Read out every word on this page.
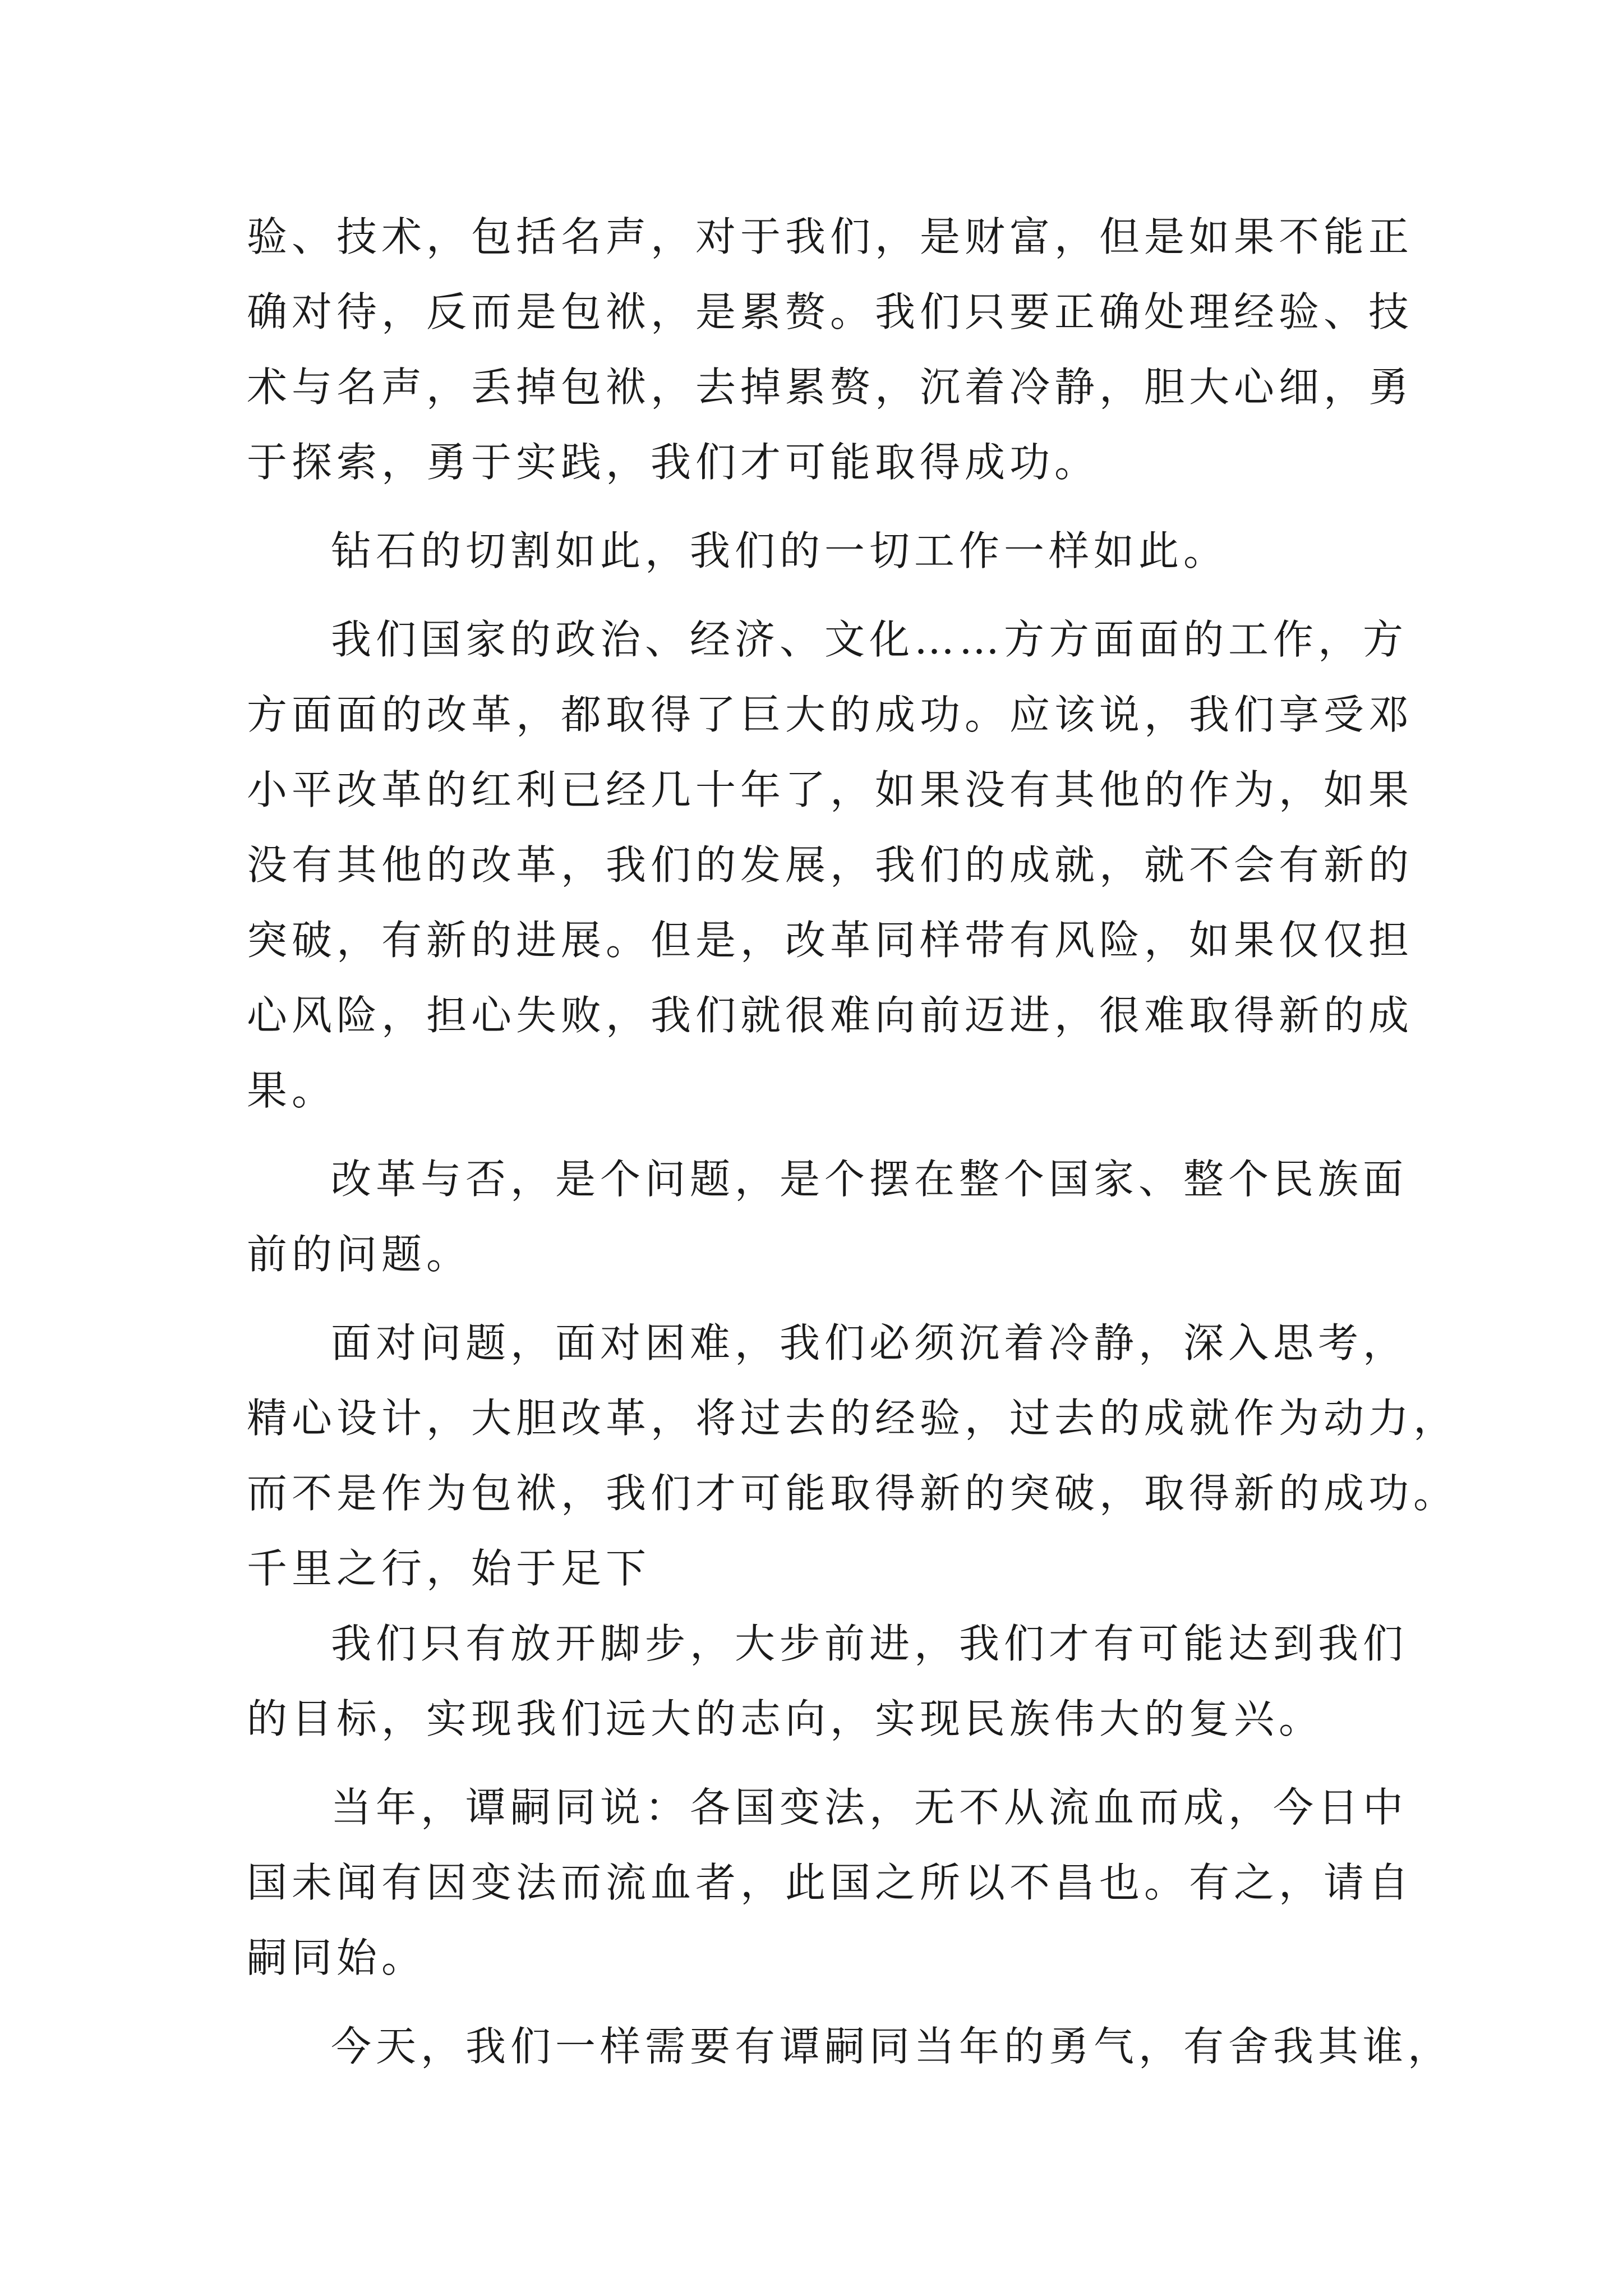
验、技术，包括名声，对于我们，是财富，但是如果不能正
确对待，反而是包袱，是累赘。我们只要正确处理经验、技
术与名声，丢掉包袱，去掉累赘，沉着冷静，胆大心细，勇
于探索，勇于实践，我们才可能取得成功。
钻石的切割如此，我们的一切工作一样如此。
我们国家的政治、经济、文化……方方面面的工作，方
方面面的改革，都取得了巨大的成功。应该说，我们享受邓
小平改革的红利已经几十年了，如果没有其他的作为，如果
没有其他的改革，我们的发展，我们的成就，就不会有新的
突破，有新的进展。但是，改革同样带有风险，如果仅仅担
心风险，担心失败，我们就很难向前迈进，很难取得新的成
果。
改革与否，是个问题，是个摆在整个国家、整个民族面
前的问题。
面对问题，面对困难，我们必须沉着冷静，深入思考，
精心设计，大胆改革，将过去的经验，过去的成就作为动力，
而不是作为包袱，我们才可能取得新的突破，取得新的成功。
千里之行，始于足下
我们只有放开脚步，大步前进，我们才有可能达到我们
的目标，实现我们远大的志向，实现民族伟大的复兴。
当年，谭嗣同说：各国变法，无不从流血而成，今日中
国未闻有因变法而流血者，此国之所以不昌也。有之，请自
嗣同始。
今天，我们一样需要有谭嗣同当年的勇气，有舍我其谁，
